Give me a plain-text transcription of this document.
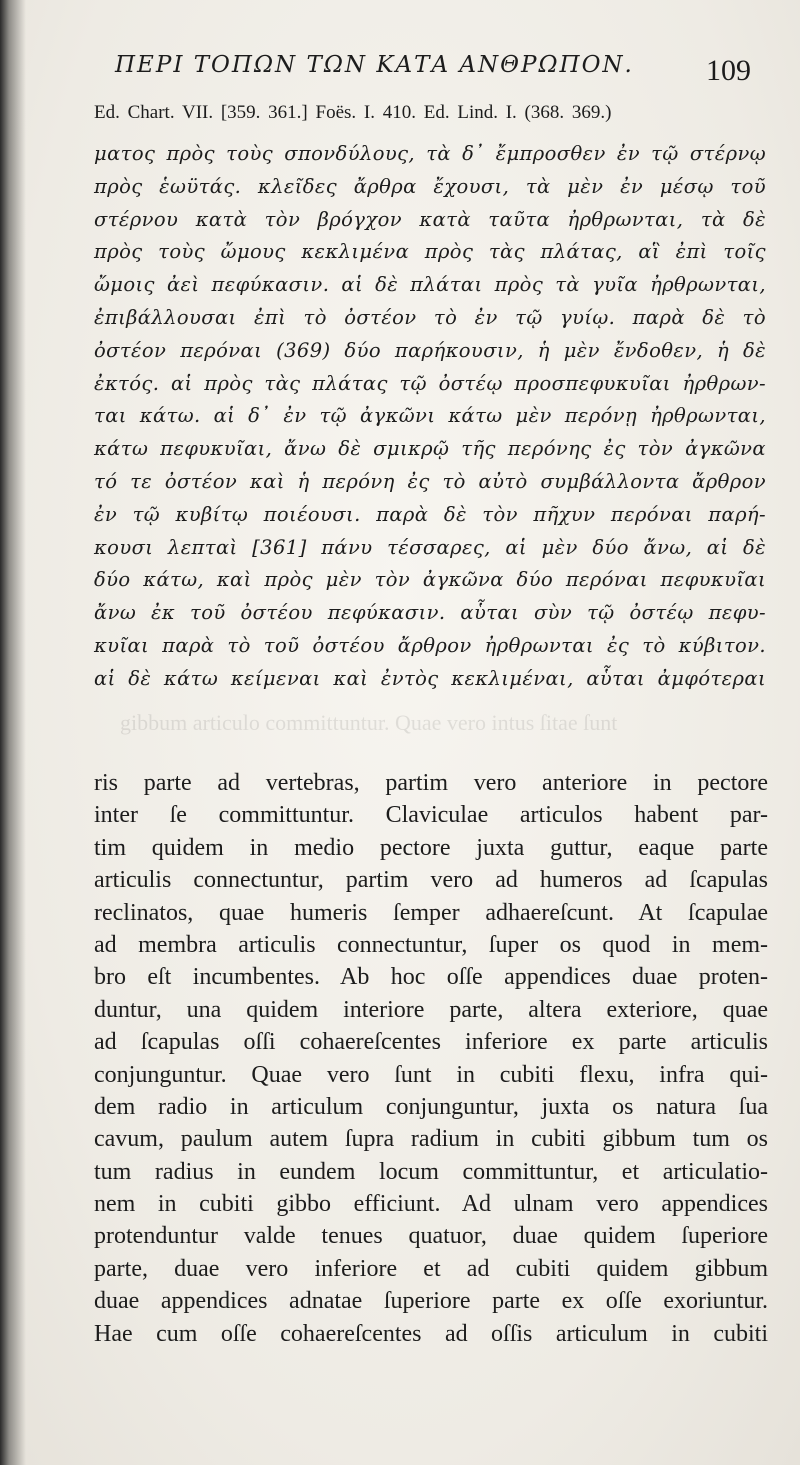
ΠΕΡΙ ΤΟΠΩΝ ΤΩΝ ΚΑΤΑ ΑΝΘΡΩΠΟΝ.	109
Ed. Chart. VII. [359. 361.] Foës. I. 410. Ed. Lind. I. (368. 369.)
ματος πρὸς τοὺς σπονδύλους, τὰ δ᾽ ἔμπροσθεν ἐν τῷ στέρνῳ
πρὸς ἑωϋτάς. κλεῖδες ἄρθρα ἔχουσι, τὰ μὲν ἐν μέσῳ τοῦ
στέρνου κατὰ τὸν βρόγχον κατὰ ταῦτα ἠρθρωνται, τὰ δὲ
πρὸς τοὺς ὤμους κεκλιμένα πρὸς τὰς πλάτας, αἳ ἐπὶ τοῖς
ὤμοις ἀεὶ πεφύκασιν. αἱ δὲ πλάται πρὸς τὰ γυῖα ἠρθρωνται,
ἐπιβάλλουσαι ἐπὶ τὸ ὀστέον τὸ ἐν τῷ γυίῳ. παρὰ δὲ τὸ
ὀστέον περόναι (369) δύο παρήκουσιν, ἡ μὲν ἔνδοθεν, ἡ δὲ
ἐκτός. αἱ πρὸς τὰς πλάτας τῷ ὀστέῳ προσπεφυκυῖαι ἠρθρων-
ται κάτω. αἱ δ᾽ ἐν τῷ ἀγκῶνι κάτω μὲν περόνῃ ἠρθρωνται,
κάτω πεφυκυῖαι, ἄνω δὲ σμικρῷ τῆς περόνης ἐς τὸν ἀγκῶνα
τό τε ὀστέον καὶ ἡ περόνη ἐς τὸ αὐτὸ συμβάλλοντα ἄρθρον
ἐν τῷ κυβίτῳ ποιέουσι. παρὰ δὲ τὸν πῆχυν περόναι παρή-
κουσι λεπταὶ [361] πάνυ τέσσαρες, αἱ μὲν δύο ἄνω, αἱ δὲ
δύο κάτω, καὶ πρὸς μὲν τὸν ἀγκῶνα δύο περόναι πεφυκυῖαι
ἄνω ἐκ τοῦ ὀστέου πεφύκασιν. αὗται σὺν τῷ ὀστέῳ πεφυ-
κυῖαι παρὰ τὸ τοῦ ὀστέου ἄρθρον ἠρθρωνται ἐς τὸ κύβιτον.
αἱ δὲ κάτω κείμεναι καὶ ἐντὸς κεκλιμέναι, αὗται ἀμφότεραι
gibbum articulo committuntur. Quae vero intus ſitae ſunt
ris parte ad vertebras, partim vero anteriore in pectore
inter ſe committuntur. Claviculae articulos habent par-
tim quidem in medio pectore juxta guttur, eaque parte
articulis connectuntur, partim vero ad humeros ad ſcapulas
reclinatos, quae humeris ſemper adhaereſcunt. At ſcapulae
ad membra articulis connectuntur, ſuper os quod in mem-
bro eſt incumbentes. Ab hoc oſſe appendices duae proten-
duntur, una quidem interiore parte, altera exteriore, quae
ad ſcapulas oſſi cohaereſcentes inferiore ex parte articulis
conjunguntur. Quae vero ſunt in cubiti flexu, infra qui-
dem radio in articulum conjunguntur, juxta os natura ſua
cavum, paulum autem ſupra radium in cubiti gibbum tum os
tum radius in eundem locum committuntur, et articulatio-
nem in cubiti gibbo efficiunt. Ad ulnam vero appendices
protenduntur valde tenues quatuor, duae quidem ſuperiore
parte, duae vero inferiore et ad cubiti quidem gibbum
duae appendices adnatae ſuperiore parte ex oſſe exoriuntur.
Hae cum oſſe cohaereſcentes ad oſſis articulum in cubiti
